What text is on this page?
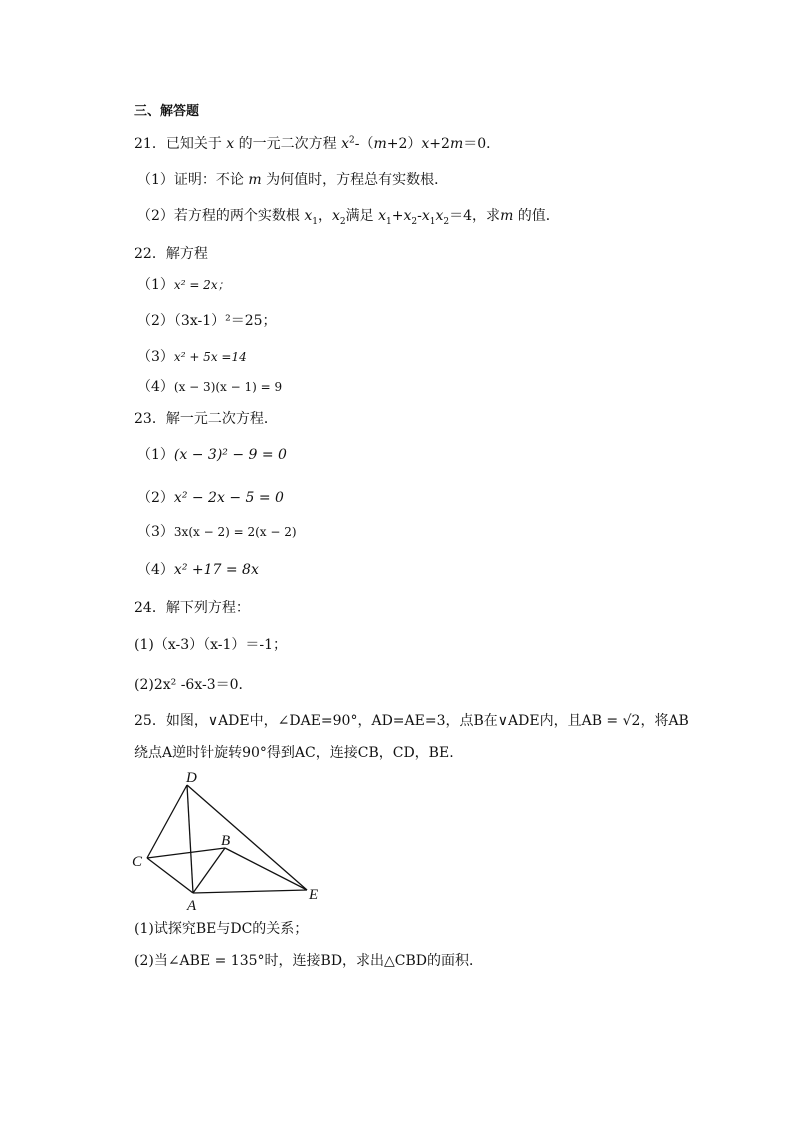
三、解答题
21．已知关于 x 的一元二次方程 $x^2-(m+2)x+2m=0$．
（1）证明：不论 m 为何值时，方程总有实数根．
（2）若方程的两个实数根 $x_1$，$x_2$满足 $x_1+x_2-x_1x_2=4$，求m 的值．
22．解方程
（1）x² = 2x；
（2）（3x-1）²＝25；
（3）x² + 5x =14
（4）(x − 3)(x − 1) = 9
23．解一元二次方程．
（1）(x − 3)² − 9 = 0
（2）x² − 2x − 5 = 0
（3）3x(x − 2) = 2(x − 2)
（4）x² +17 = 8x
24．解下列方程：
(1)（x-3）（x-1）＝-1；
(2)2x² -6x-3＝0．
25．如图，∨ADE中，∠DAE=90°，AD=AE=3，点B在∨ADE内，且AB = √2，将AB
绕点A逆时针旋转90°得到AC，连接CB，CD，BE.
D
B
C
A
E
(1)试探究BE与DC的关系；
(2)当∠ABE = 135°时，连接BD，求出△CBD的面积．
